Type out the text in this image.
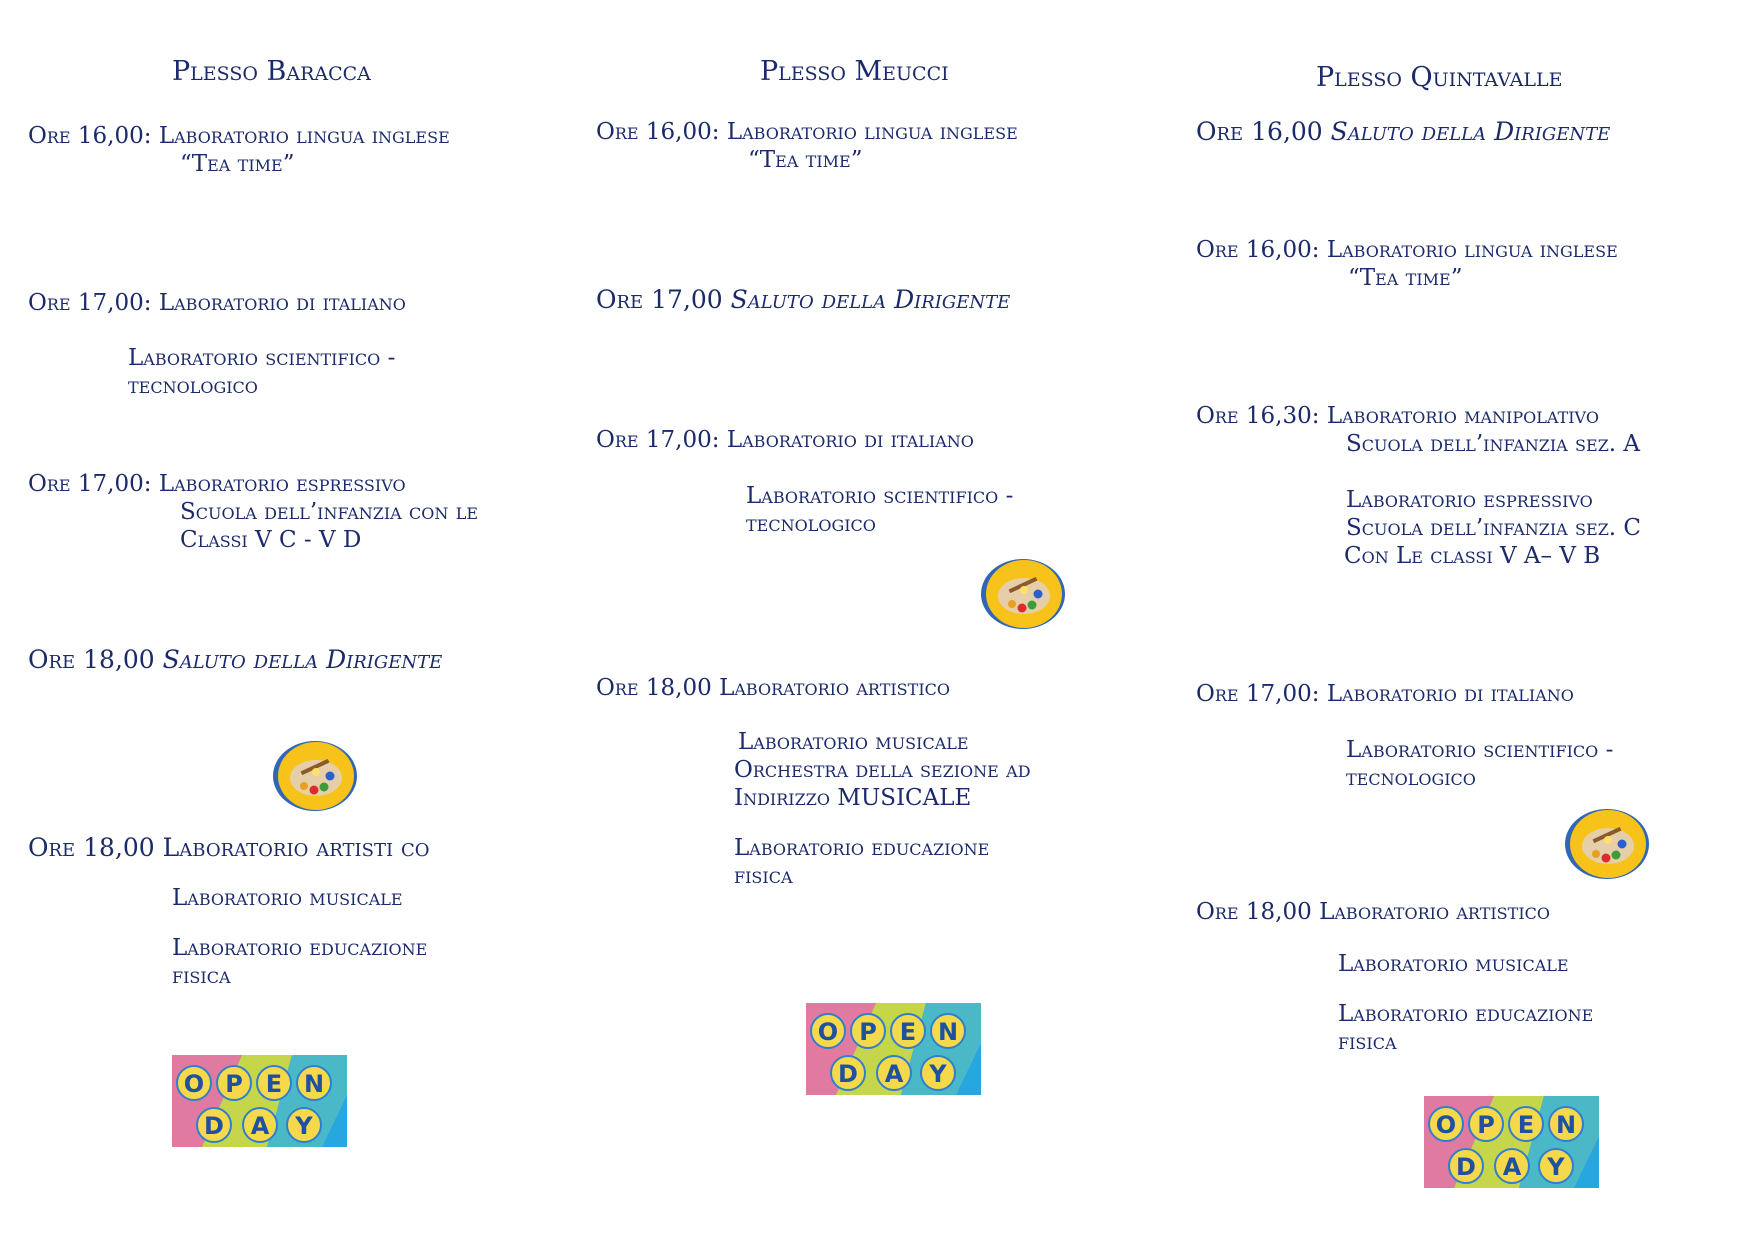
Plesso Baracca
Ore 16,00: Laboratorio lingua inglese
“Tea time”
Ore 17,00: Laboratorio di italiano
Laboratorio scientifico -
tecnologico
Ore 17,00: Laboratorio espressivo
Scuola dell’infanzia con le
Classi V C - V D
Ore 18,00 Saluto della Dirigente
Ore 18,00 Laboratorio artisti co
Laboratorio musicale
Laboratorio educazione
fisica
O P E N
D A Y
Plesso Meucci
Ore 16,00: Laboratorio lingua inglese
“Tea time”
Ore 17,00 Saluto della Dirigente
Ore 17,00: Laboratorio di italiano
Laboratorio scientifico -
tecnologico
Ore 18,00 Laboratorio artistico
Laboratorio musicale
Orchestra della sezione ad
Indirizzo MUSICALE
Laboratorio educazione
fisica
O P E N
D A Y
Plesso Quintavalle
Ore 16,00 Saluto della Dirigente
Ore 16,00: Laboratorio lingua inglese
“Tea time”
Ore 16,30: Laboratorio manipolativo
Scuola dell’infanzia sez. A
Laboratorio espressivo
Scuola dell’infanzia sez. C
Con Le classi V A– V B
Ore 17,00: Laboratorio di italiano
Laboratorio scientifico -
tecnologico
Ore 18,00 Laboratorio artistico
Laboratorio musicale
Laboratorio educazione
fisica
O P E N
D A Y
